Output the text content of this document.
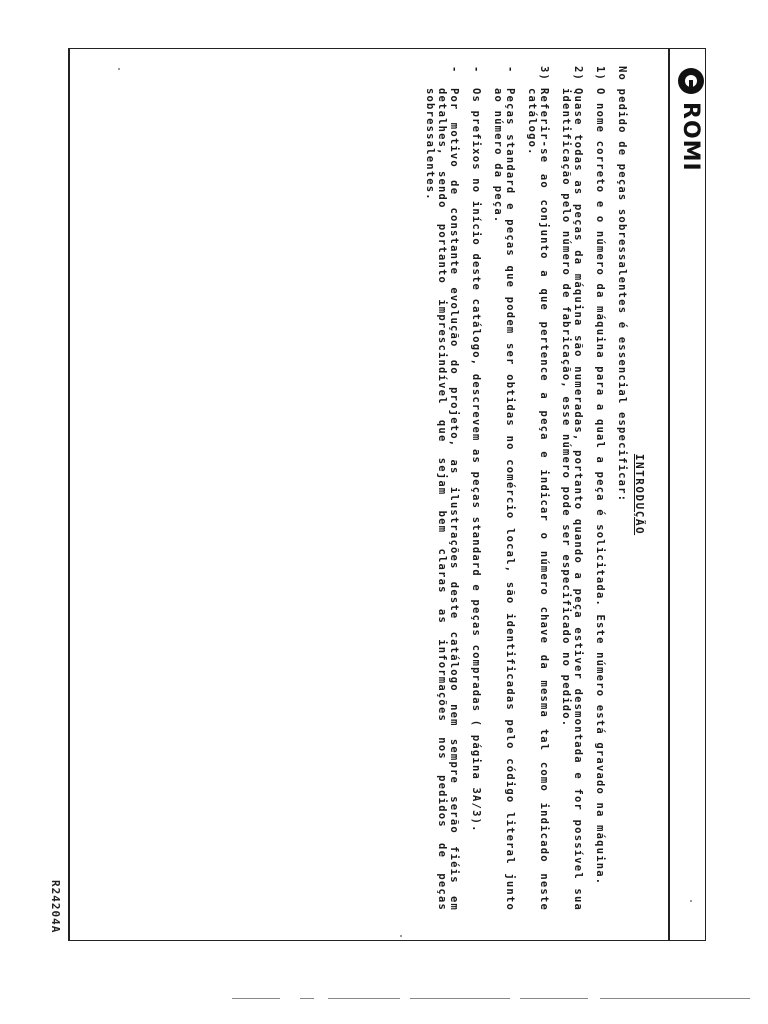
ROMI
INTRODUÇÃO

No pedido de peças sobressalentes é essencial especificar:

1)
O nome correto e o número da máquina para a qual a peça é solicitada. Este número está gravado na máquina.
2)
Quase todas as peças da máquina são numeradas, portanto quando a peça estiver desmontada e for possível sua identificação pelo número de fabricação, esse número pode ser especificado no pedido.
3)
Referir-se ao conjunto a que pertence a peça e indicar o número chave da mesma tal como indicado neste catálogo.
-
Peças standard e peças que podem ser obtidas no comércio local, são identificadas pelo código literal junto ao número da peça.
-
Os prefixos no início deste catálogo, descrevem as peças standard e peças compradas ( página 3A/3).
-
Por motivo de constante evolução do projeto, as ilustrações deste catálogo nem sempre serão fiéis em detalhes, sendo portanto imprescindível que sejam bem claras as informações nos pedidos de peças sobressalentes.
R24204A
